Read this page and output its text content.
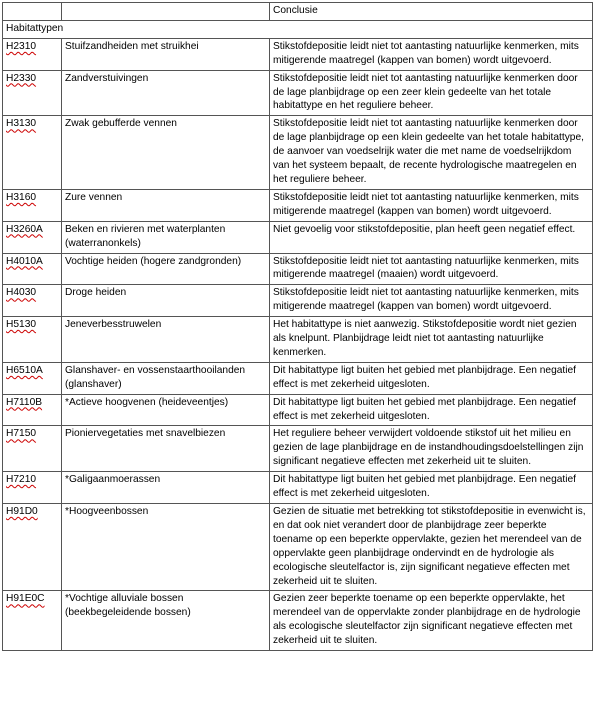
		Conclusie
Habitattypen		
H2310	Stuifzandheiden met struikhei	Stikstofdepositie leidt niet tot aantasting natuurlijke kenmerken, mits mitigerende maatregel (kappen van bomen) wordt uitgevoerd.
H2330	Zandverstuivingen	Stikstofdepositie leidt niet tot aantasting natuurlijke kenmerken door de lage planbijdrage op een zeer klein gedeelte van het totale habitattype en het reguliere beheer.
H3130	Zwak gebufferde vennen	Stikstofdepositie leidt niet tot aantasting natuurlijke kenmerken door de lage planbijdrage op een klein gedeelte van het totale habitattype, de aanvoer van voedselrijk water die met name de voedselrijkdom van het systeem bepaalt, de recente hydrologische maatregelen en het reguliere beheer.
H3160	Zure vennen	Stikstofdepositie leidt niet tot aantasting natuurlijke kenmerken, mits mitigerende maatregel (kappen van bomen) wordt uitgevoerd.
H3260A	Beken en rivieren met waterplanten (waterranonkels)	Niet gevoelig voor stikstofdepositie, plan heeft geen negatief effect.
H4010A	Vochtige heiden (hogere zandgronden)	Stikstofdepositie leidt niet tot aantasting natuurlijke kenmerken, mits mitigerende maatregel (maaien) wordt uitgevoerd.
H4030	Droge heiden	Stikstofdepositie leidt niet tot aantasting natuurlijke kenmerken, mits mitigerende maatregel (kappen van bomen) wordt uitgevoerd.
H5130	Jeneverbesstruwelen	Het habitattype is niet aanwezig. Stikstofdepositie wordt niet gezien als knelpunt. Planbijdrage leidt niet tot aantasting natuurlijke kenmerken.
H6510A	Glanshaver- en vossenstaarthooilanden (glanshaver)	Dit habitattype ligt buiten het gebied met planbijdrage. Een negatief effect is met zekerheid uitgesloten.
H7110B	*Actieve hoogvenen (heideveentjes)	Dit habitattype ligt buiten het gebied met planbijdrage. Een negatief effect is met zekerheid uitgesloten.
H7150	Pioniervegetaties met snavelbiezen	Het reguliere beheer verwijdert voldoende stikstof uit het milieu en gezien de lage planbijdrage en de instandhoudingsdoelstellingen zijn significant negatieve effecten met zekerheid uit te sluiten.
H7210	*Galigaanmoerassen	Dit habitattype ligt buiten het gebied met planbijdrage. Een negatief effect is met zekerheid uitgesloten.
H91D0	*Hoogveenbossen	Gezien de situatie met betrekking tot stikstofdepositie in evenwicht is, en dat ook niet verandert door de planbijdrage zeer beperkte toename op een beperkte oppervlakte, gezien het merendeel van de oppervlakte geen planbijdrage ondervindt en de hydrologie als ecologische sleutelfactor is, zijn significant negatieve effecten met zekerheid uit te sluiten.
H91E0C	*Vochtige alluviale bossen (beekbegeleidende bossen)	Gezien zeer beperkte toename op een beperkte oppervlakte, het merendeel van de oppervlakte zonder planbijdrage en de hydrologie als ecologische sleutelfactor zijn significant negatieve effecten met zekerheid uit te sluiten.
